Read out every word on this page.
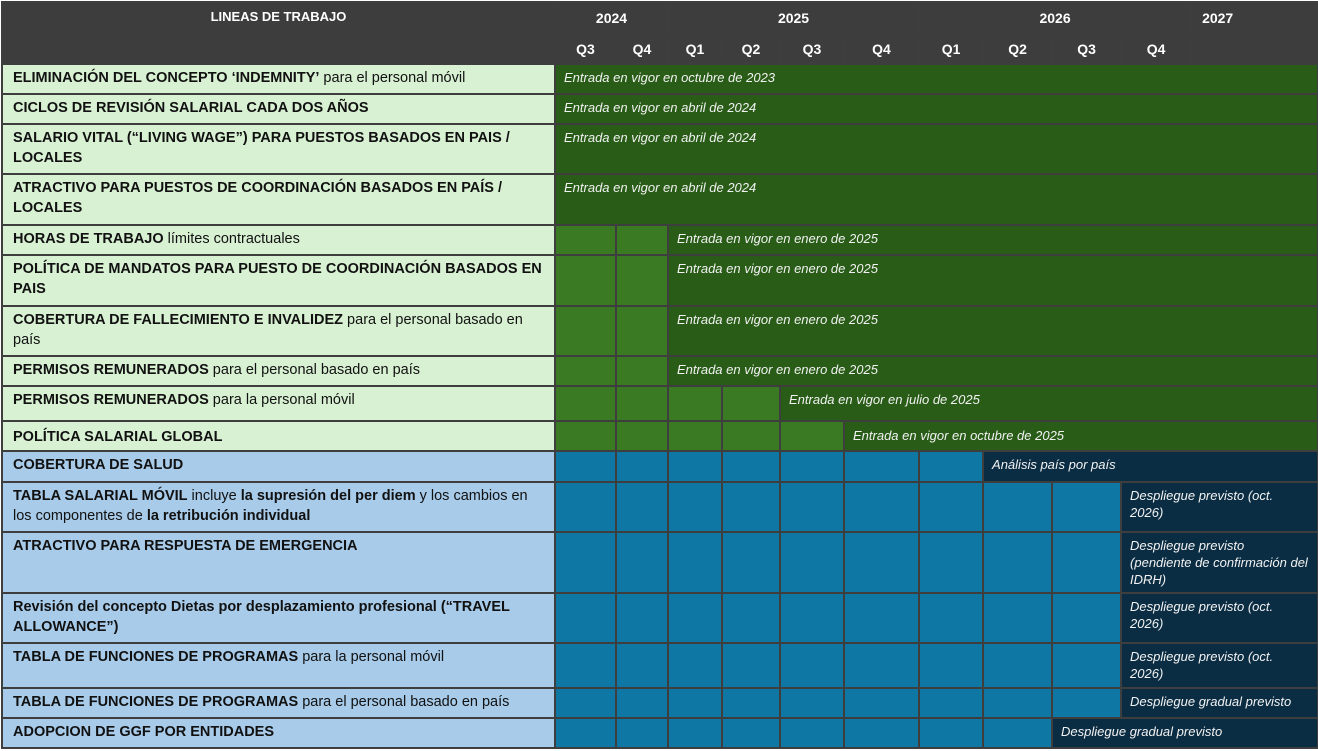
LINEAS DE TRABAJO	2024		2025				2026				2027
	Q3	Q4	Q1	Q2	Q3	Q4	Q1	Q2	Q3	Q4	
ELIMINACIÓN DEL CONCEPTO ‘INDEMNITY’ para el personal móvil	Entrada en vigor en octubre de 2023										
CICLOS DE REVISIÓN SALARIAL CADA DOS AÑOS	Entrada en vigor en abril de 2024										
SALARIO VITAL (“LIVING WAGE”) PARA PUESTOS BASADOS EN PAIS / LOCALES	Entrada en vigor en abril de 2024										
ATRACTIVO PARA PUESTOS DE COORDINACIÓN BASADOS EN PAÍS / LOCALES	Entrada en vigor en abril de 2024										
HORAS DE TRABAJO límites contractuales			Entrada en vigor en enero de 2025								
POLÍTICA DE MANDATOS PARA PUESTO DE COORDINACIÓN BASADOS EN PAIS			Entrada en vigor en enero de 2025								
COBERTURA DE FALLECIMIENTO E INVALIDEZ para el personal basado en país			Entrada en vigor en enero de 2025								
PERMISOS REMUNERADOS para el personal basado en país			Entrada en vigor en enero de 2025								
PERMISOS REMUNERADOS para la personal móvil					Entrada en vigor en julio de 2025						
POLÍTICA SALARIAL GLOBAL						Entrada en vigor en octubre de 2025					
COBERTURA DE SALUD								Análisis país por país			
TABLA SALARIAL MÓVIL incluye la supresión del per diem y los cambios en los componentes de la retribución individual										Despliegue previsto (oct. 2026)	
ATRACTIVO PARA RESPUESTA DE EMERGENCIA										Despliegue previsto (pendiente de confirmación del IDRH)	
Revisión del concepto Dietas por desplazamiento profesional (“TRAVEL ALLOWANCE”)										Despliegue previsto (oct. 2026)	
TABLA DE FUNCIONES DE PROGRAMAS para la personal móvil										Despliegue previsto (oct. 2026)	
TABLA DE FUNCIONES DE PROGRAMAS para el personal basado en país										Despliegue gradual previsto	
ADOPCION DE GGF POR ENTIDADES									Despliegue gradual previsto		
